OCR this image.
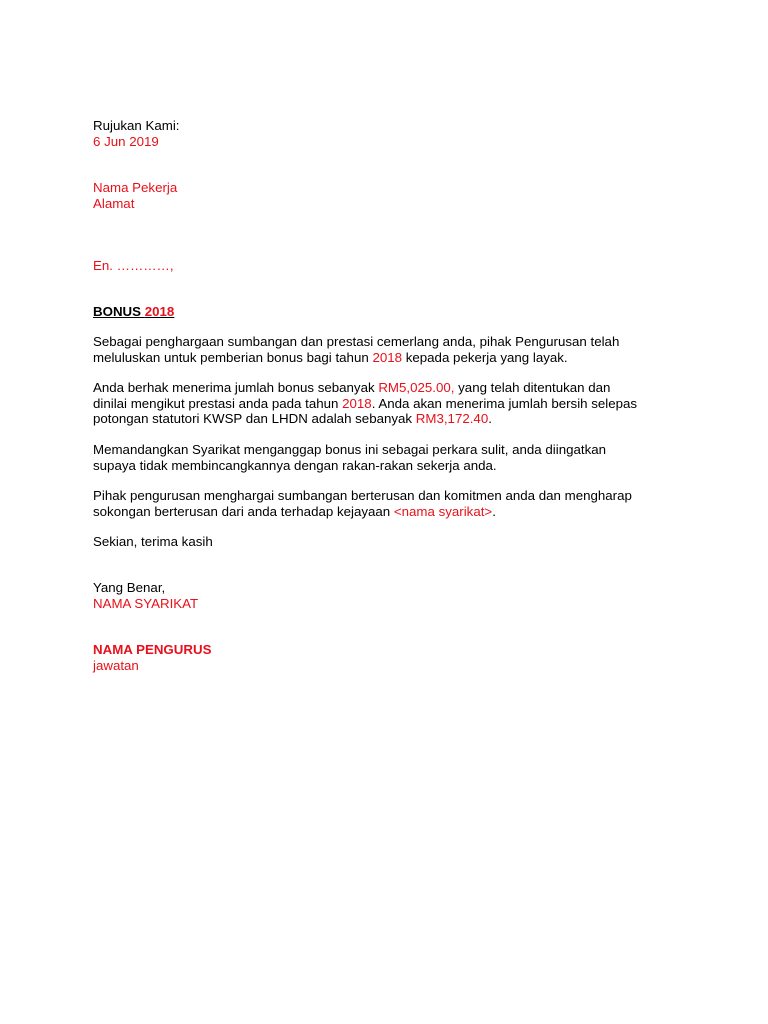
Rujukan Kami:
6 Jun 2019
Nama Pekerja
Alamat
En. …………,
BONUS 2018
Sebagai penghargaan sumbangan dan prestasi cemerlang anda, pihak Pengurusan telah
meluluskan untuk pemberian bonus bagi tahun 2018 kepada pekerja yang layak.
Anda berhak menerima jumlah bonus sebanyak RM5,025.00, yang telah ditentukan dan
dinilai mengikut prestasi anda pada tahun 2018. Anda akan menerima jumlah bersih selepas
potongan statutori KWSP dan LHDN adalah sebanyak RM3,172.40.
Memandangkan Syarikat menganggap bonus ini sebagai perkara sulit, anda diingatkan
supaya tidak membincangkannya dengan rakan-rakan sekerja anda.
Pihak pengurusan menghargai sumbangan berterusan dan komitmen anda dan mengharap
sokongan berterusan dari anda terhadap kejayaan <nama syarikat>.
Sekian, terima kasih
Yang Benar,
NAMA SYARIKAT
NAMA PENGURUS
jawatan
